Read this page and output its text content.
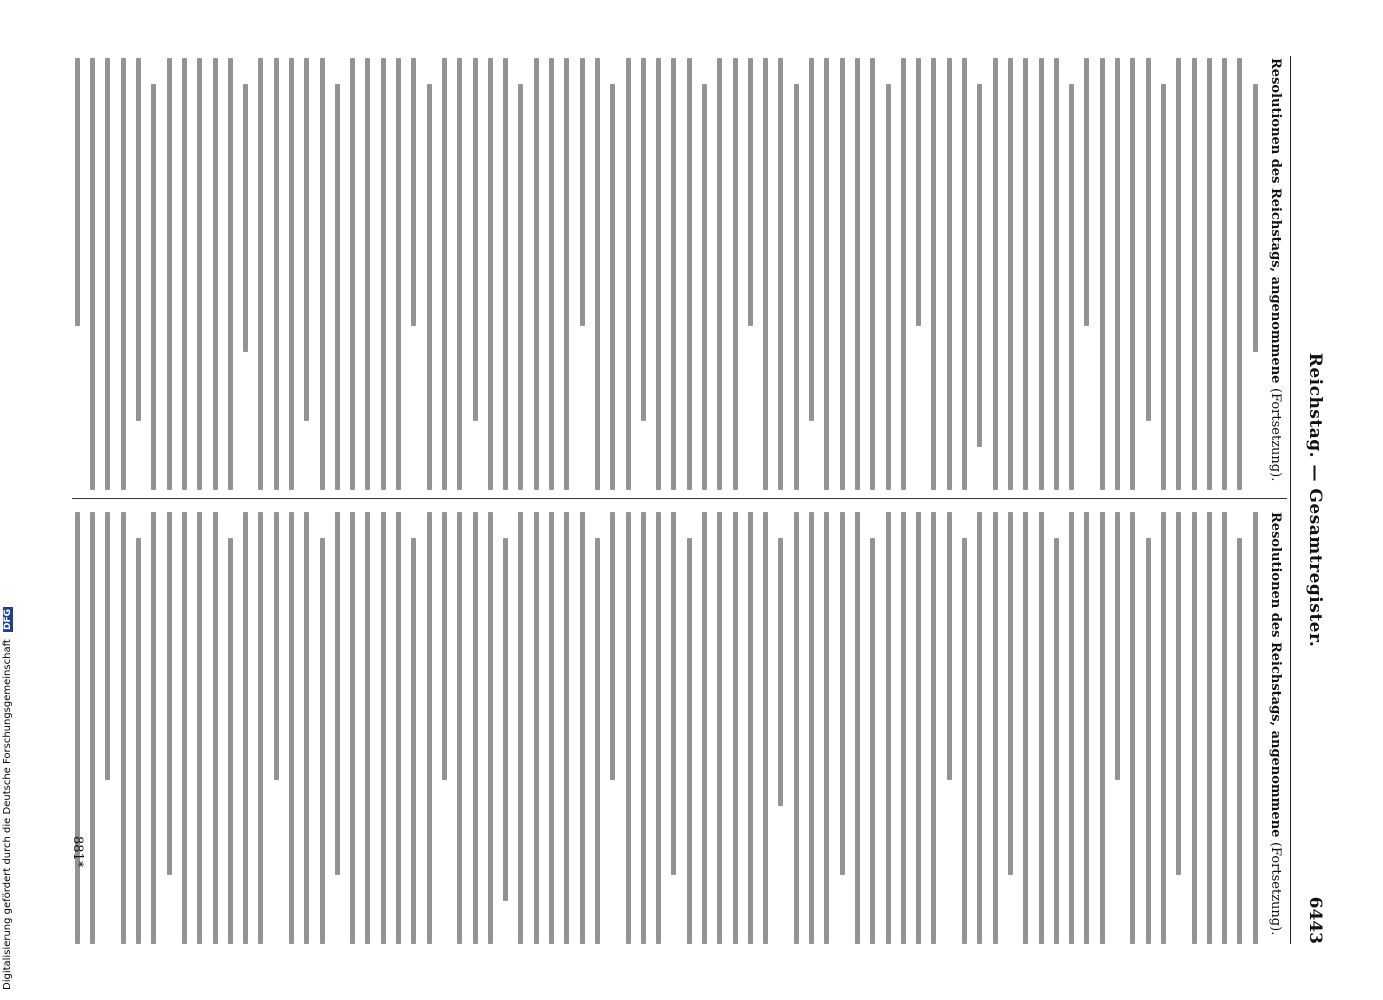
Reichstag. — Gesamtregister.
6443
Resolutionen des Reichstags, angenommene (Fortsetzung).
Resolutionen des Reichstags, angenommene (Fortsetzung).
881*
Digitalisierung gefördert durch die Deutsche Forschungsgemeinschaft DFG
